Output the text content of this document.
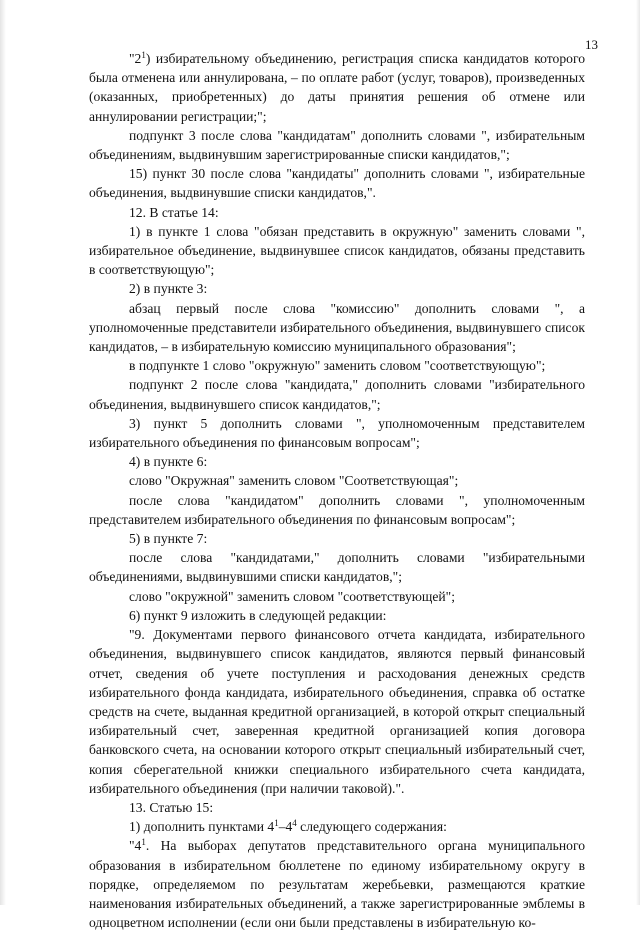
13

"$2^1$) избирательному объединению, регистрация списка кандидатов которого была отменена или аннулирована, – по оплате работ (услуг, товаров), произведенных (оказанных, приобретенных) до даты принятия решения об отмене или аннулировании регистрации;";

подпункт 3 после слова "кандидатам" дополнить словами ", избирательным объединениям, выдвинувшим зарегистрированные списки кандидатов,";

15) пункт 30 после слова "кандидаты" дополнить словами ", избирательные объединения, выдвинувшие списки кандидатов,".

12. В статье 14:

1) в пункте 1 слова "обязан представить в окружную" заменить словами ", избирательное объединение, выдвинувшее список кандидатов, обязаны представить в соответствующую";

2) в пункте 3:

абзац первый после слова "комиссию" дополнить словами ", а уполномоченные представители избирательного объединения, выдвинувшего список кандидатов, – в избирательную комиссию муниципального образования";

в подпункте 1 слово "окружную" заменить словом "соответствующую";

подпункт 2 после слова "кандидата," дополнить словами "избирательного объединения, выдвинувшего список кандидатов,";

3) пункт 5 дополнить словами ", уполномоченным представителем избирательного объединения по финансовым вопросам";

4) в пункте 6:

слово "Окружная" заменить словом "Соответствующая";

после слова "кандидатом" дополнить словами ", уполномоченным представителем избирательного объединения по финансовым вопросам";

5) в пункте 7:

после слова "кандидатами," дополнить словами "избирательными объединениями, выдвинувшими списки кандидатов,";

слово "окружной" заменить словом "соответствующей";

6) пункт 9 изложить в следующей редакции:

"9. Документами первого финансового отчета кандидата, избирательного объединения, выдвинувшего список кандидатов, являются первый финансовый отчет, сведения об учете поступления и расходования денежных средств избирательного фонда кандидата, избирательного объединения, справка об остатке средств на счете, выданная кредитной организацией, в которой открыт специальный избирательный счет, заверенная кредитной организацией копия договора банковского счета, на основании которого открыт специальный избирательный счет, копия сберегательной книжки специального избирательного счета кандидата, избирательного объединения (при наличии таковой).".

13. Статью 15:

1) дополнить пунктами $4^1-4^4$ следующего содержания:

"$4^1$. На выборах депутатов представительного органа муниципального образования в избирательном бюллетене по единому избирательному округу в порядке, определяемом по результатам жеребьевки, размещаются краткие наименования избирательных объединений, а также зарегистрированные эмблемы в одноцветном исполнении (если они были представлены в избирательную ко-
